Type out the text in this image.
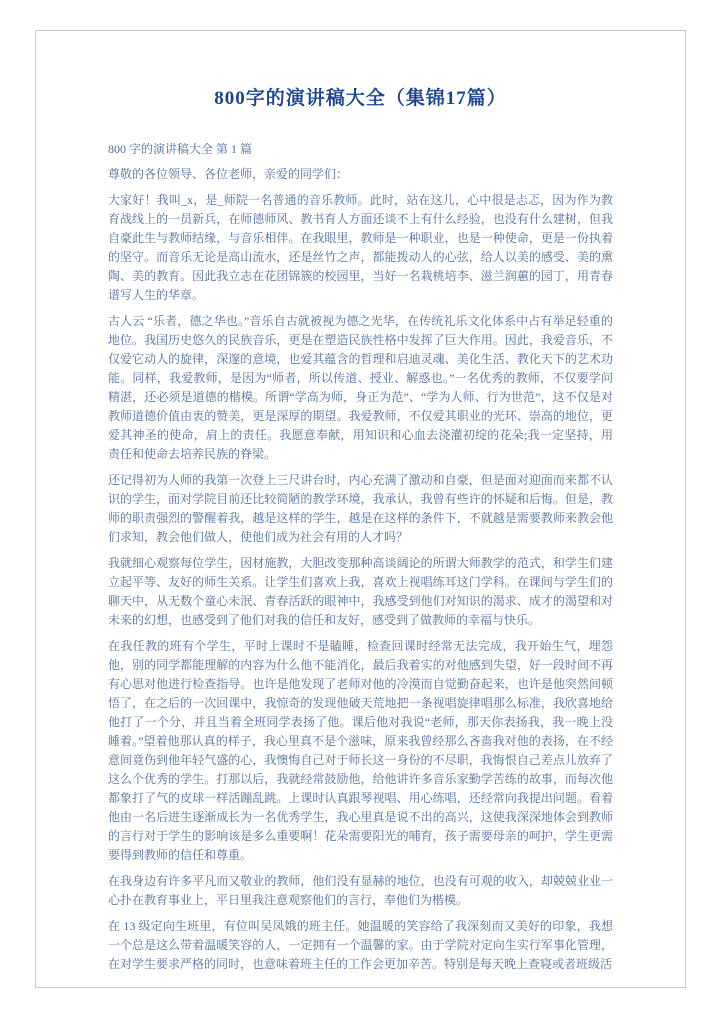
800字的演讲稿大全（集锦17篇）
800 字的演讲稿大全 第 1 篇

尊敬的各位领导、各位老师，亲爱的同学们：

大家好！我叫_x，是_师院一名普通的音乐教师。此时，站在这儿，心中很是忐忑，因为作为教育战线上的一员新兵，在师德师风、教书育人方面还谈不上有什么经验，也没有什么建树，但我自豪此生与教师结缘，与音乐相伴。在我眼里，教师是一种职业，也是一种使命，更是一份执着的坚守。而音乐无论是高山流水，还是丝竹之声，都能拨动人的心弦，给人以美的感受、美的熏陶、美的教育。因此我立志在花团锦簇的校园里，当好一名栽桃培李、滋兰润蕙的园丁，用青春谱写人生的华章。

古人云 “乐者，德之华也。”音乐自古就被视为德之光华，在传统礼乐文化体系中占有举足轻重的地位。我国历史悠久的民族音乐，更是在塑造民族性格中发挥了巨大作用。因此，我爱音乐，不仅爱它动人的旋律，深邃的意境，也爱其蕴含的哲理和启迪灵魂、美化生活、教化天下的艺术功能。同样，我爱教师，是因为“师者，所以传道、授业、解惑也。”一名优秀的教师，不仅要学问精湛，还必须是道德的楷模。所谓“学高为师，身正为范”、“学为人师、行为世范”，这不仅是对教师道德价值由衷的赞美，更是深厚的期望。我爱教师，不仅爱其职业的光环、崇高的地位，更爱其神圣的使命，肩上的责任。我愿意奉献，用知识和心血去浇灌初绽的花朵;我一定坚持，用责任和使命去培养民族的脊梁。

还记得初为人师的我第一次登上三尺讲台时，内心充满了激动和自豪，但是面对迎面而来都不认识的学生，面对学院目前还比较简陋的教学环境，我承认，我曾有些许的怀疑和后悔。但是，教师的职责强烈的警醒着我，越是这样的学生，越是在这样的条件下，不就越是需要教师来教会他们求知，教会他们做人，使他们成为社会有用的人才吗？

我就细心观察每位学生，因材施教，大胆改变那种高谈阔论的所谓大师教学的范式，和学生们建立起平等、友好的师生关系。让学生们喜欢上我，喜欢上视唱练耳这门学科。在课间与学生们的聊天中，从无数个童心未泯、青春活跃的眼神中，我感受到他们对知识的渴求、成才的渴望和对未来的幻想，也感受到了他们对我的信任和友好，感受到了做教师的幸福与快乐。

在我任教的班有个学生，平时上课时不是瞌睡，检查回课时经常无法完成，我开始生气，埋怨他，别的同学都能理解的内容为什么他不能消化，最后我着实的对他感到失望，好一段时间不再有心思对他进行检查指导。也许是他发现了老师对他的冷漠而自觉勤奋起来，也许是他突然间顿悟了，在之后的一次回课中，我惊奇的发现他破天荒地把一条视唱旋律唱那么标准，我欣喜地给他打了一个分，并且当着全班同学表扬了他。课后他对我说“老师，那天你表扬我，我一晚上没睡着。”望着他那认真的样子，我心里真不是个滋味，原来我曾经那么吝啬我对他的表扬，在不经意间竟伤到他年轻气盛的心，我懊悔自己对于师长这一身份的不尽职，我悔恨自己差点儿放弃了这么个优秀的学生。打那以后，我就经常鼓励他，给他讲许多音乐家勤学苦练的故事，而每次他都象打了气的皮球一样活蹦乱跳。上课时认真跟琴视唱、用心练唱，还经常向我提出问题。看着他由一名后进生逐渐成长为一名优秀学生，我心里真是说不出的高兴，这使我深深地体会到教师的言行对于学生的影响该是多么重要啊！花朵需要阳光的哺育，孩子需要母亲的呵护，学生更需要得到教师的信任和尊重。

在我身边有许多平凡而又敬业的教师，他们没有显赫的地位，也没有可观的收入，却兢兢业业一心扑在教育事业上，平日里我注意观察他们的言行，奉他们为楷模。

在 13 级定向生班里，有位叫吴凤娥的班主任。她温暖的笑容给了我深刻而又美好的印象，我想一个总是这么带着温暖笑容的人，一定拥有一个温馨的家。由于学院对定向生实行军事化管理，在对学生要求严格的同时，也意味着班主任的工作会更加辛苦。特别是每天晚上查寝或者班级活
